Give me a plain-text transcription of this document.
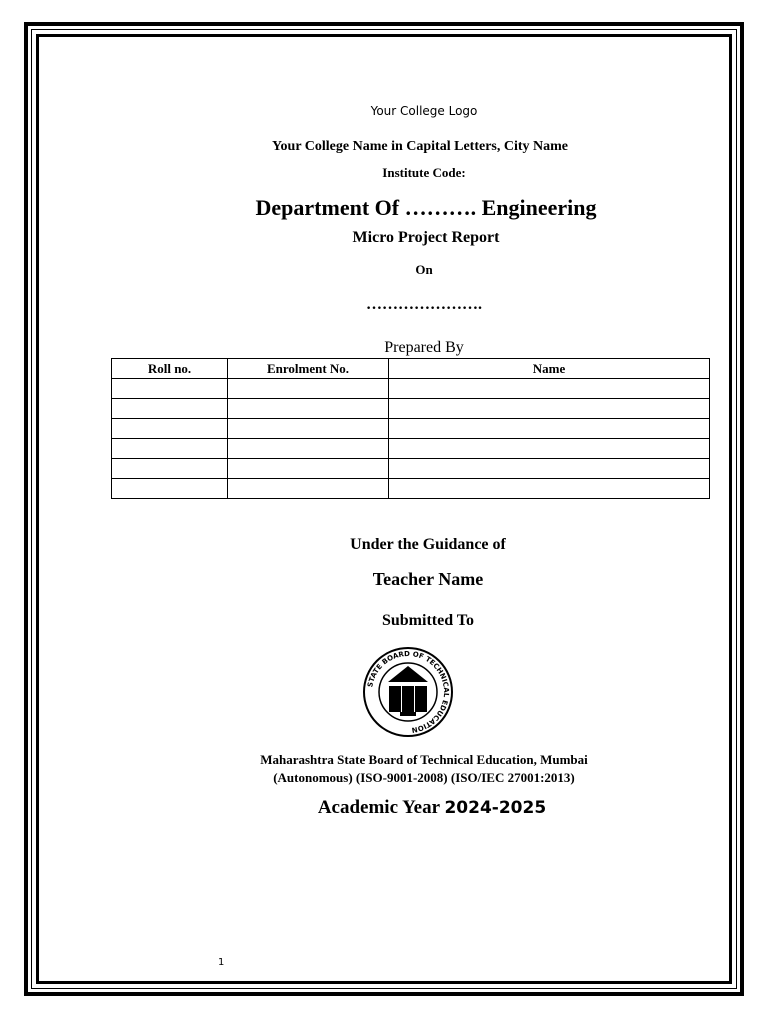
Your College Logo

Your College Name in Capital Letters, City Name

Institute Code:

Department Of ………. Engineering

Micro Project Report

On

………………….

Prepared By

Roll no.	Enrolment No.	Name

Under the Guidance of

Teacher Name

Submitted To

STATE BOARD OF TECHNICAL EDUCATION

Maharashtra State Board of Technical Education, Mumbai

(Autonomous) (ISO-9001-2008) (ISO/IEC 27001:2013)

Academic Year 2024-2025

1
